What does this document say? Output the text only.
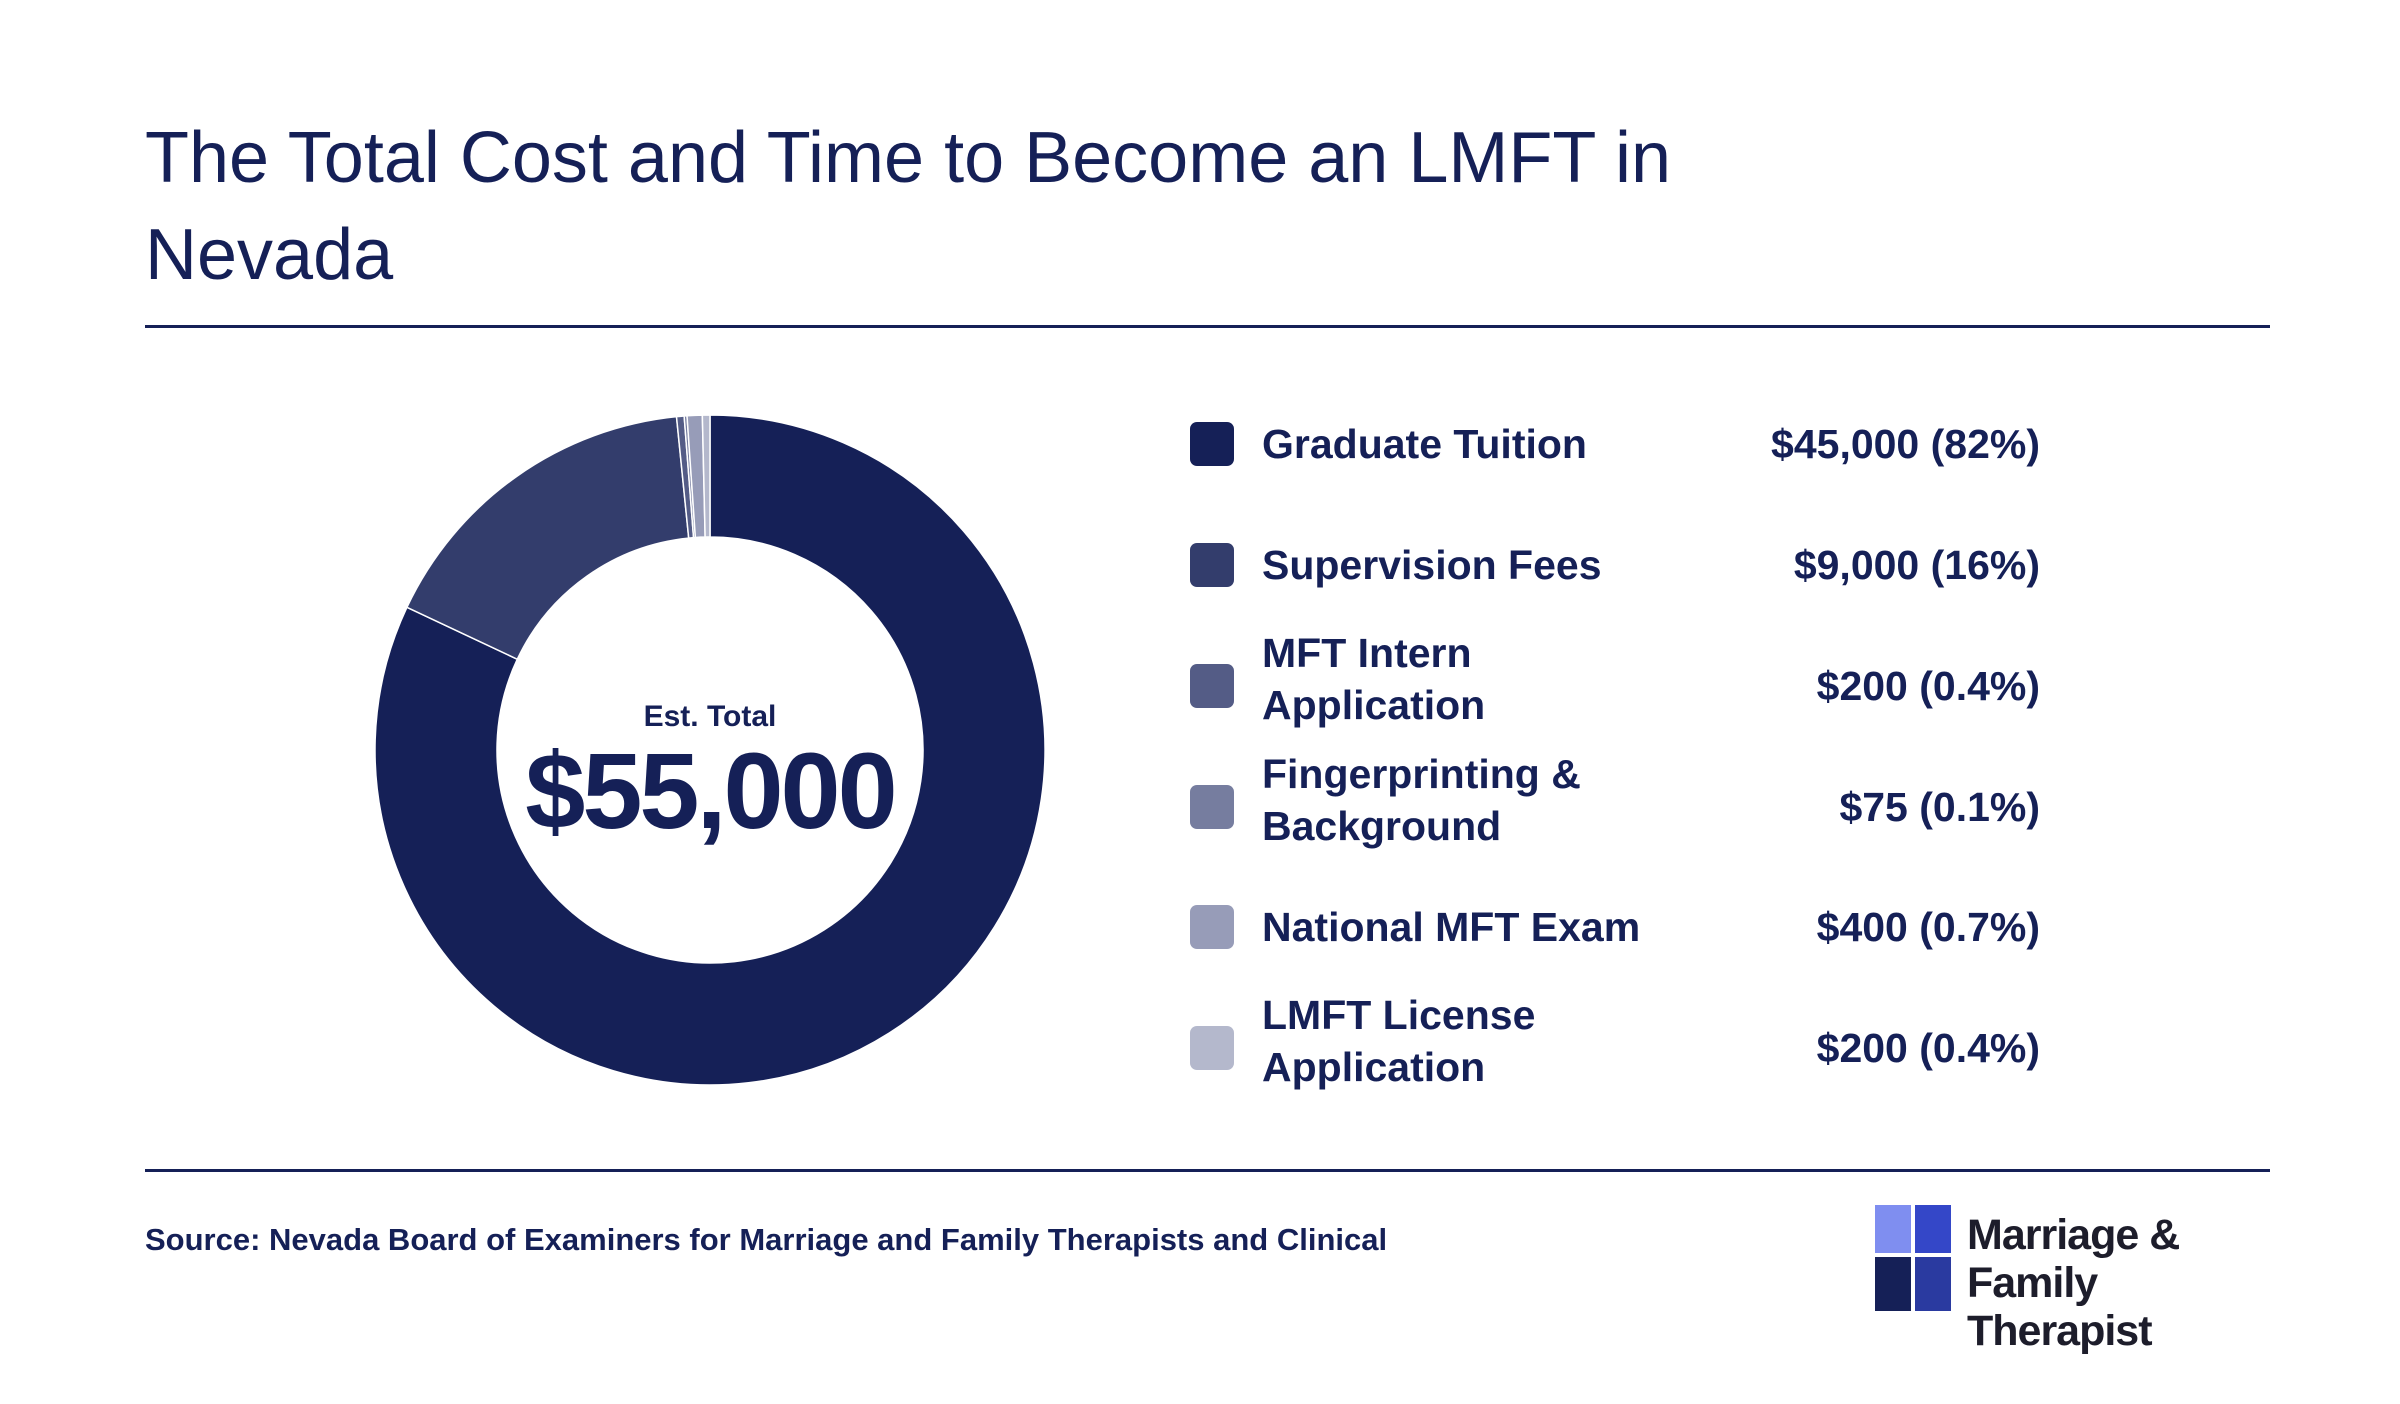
The Total Cost and Time to Become an LMFT in Nevada
Est. Total
$55,000
Graduate Tuition	$45,000 (82%)
Supervision Fees	$9,000 (16%)
MFT Intern Application	$200 (0.4%)
Fingerprinting & Background	$75 (0.1%)
National MFT Exam	$400 (0.7%)
LMFT License Application	$200 (0.4%)
Source: Nevada Board of Examiners for Marriage and Family Therapists and Clinical	Marriage & Family
Therapist
